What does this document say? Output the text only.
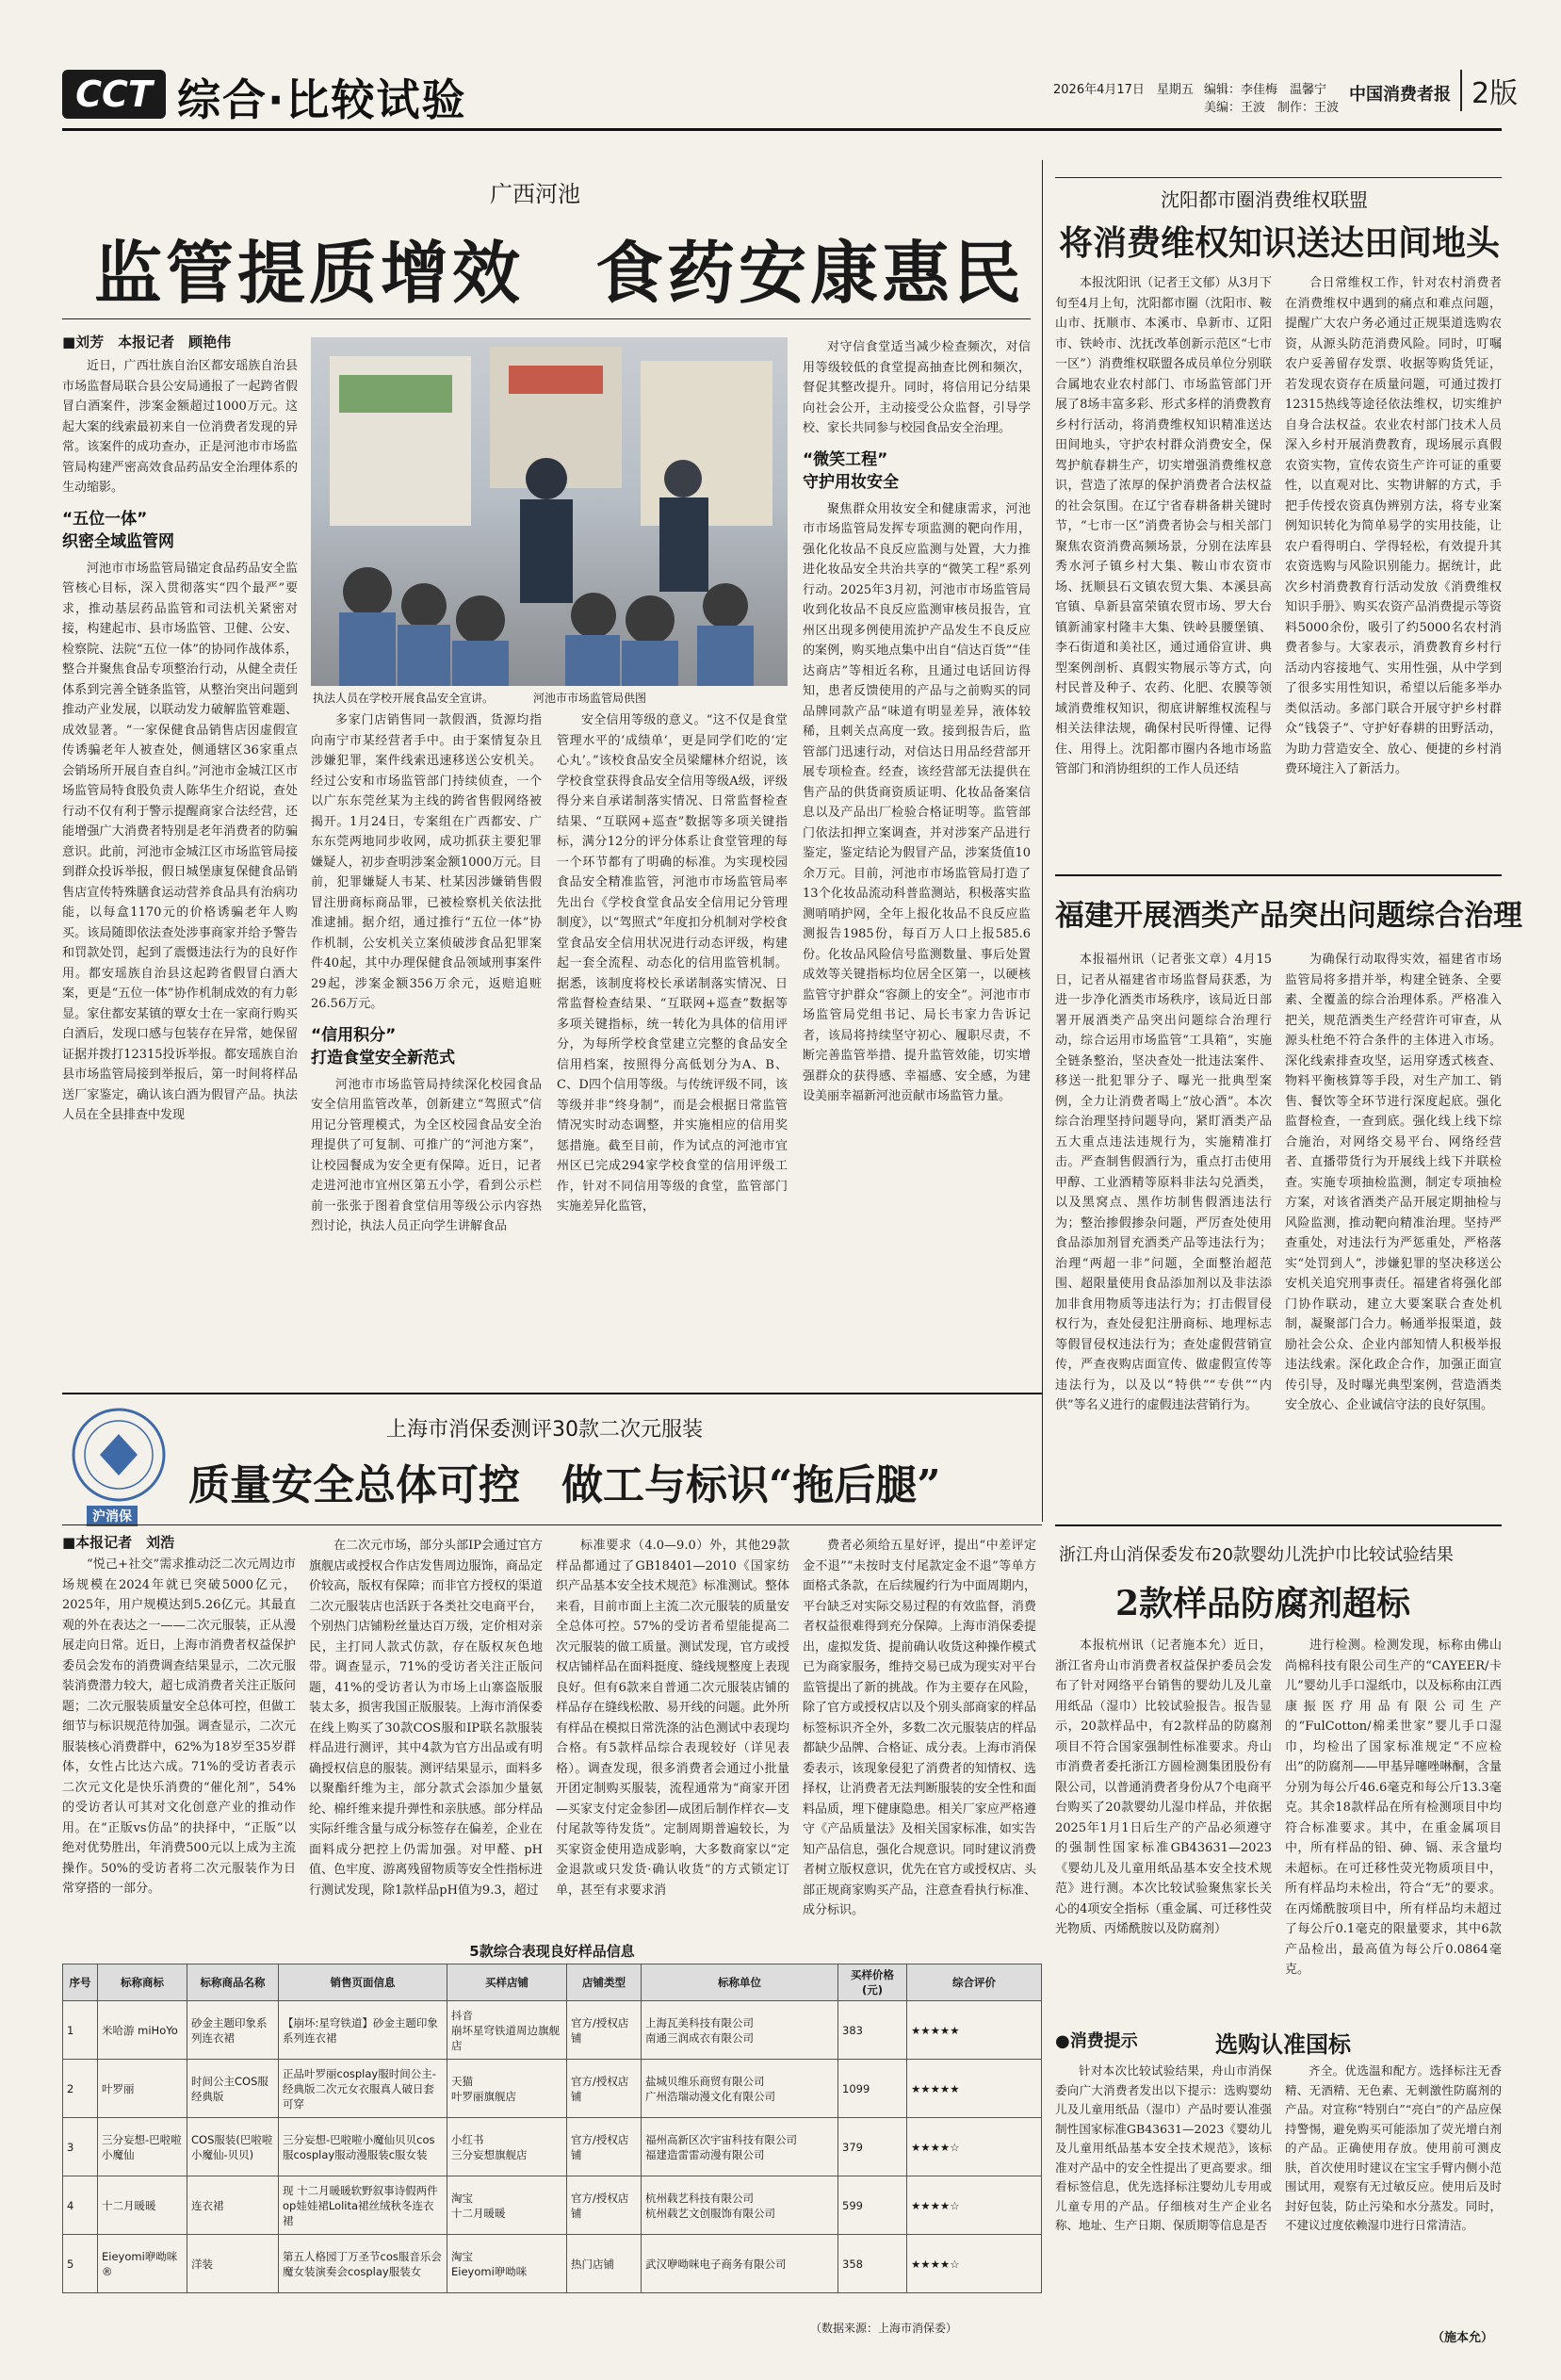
CCT 综合·比较试验	2026年4月17日　星期五 编辑：李佳梅　温馨宁
美编：王波　制作：王波
中国消费者报 2版
广西河池
监管提质增效　食药安康惠民
■刘芳　本报记者　顾艳伟

近日，广西壮族自治区都安瑶族自治县市场监督局联合县公安局通报了一起跨省假冒白酒案件，涉案金额超过1000万元。这起大案的线索最初来自一位消费者发现的异常。该案件的成功查办，正是河池市市场监管局构建严密高效食品药品安全治理体系的生动缩影。

“五位一体”
织密全域监管网

河池市市场监管局锚定食品药品安全监管核心目标，深入贯彻落实“四个最严”要求，推动基层药品监管和司法机关紧密对接，构建起市、县市场监管、卫健、公安、检察院、法院“五位一体”的协同作战体系，整合并聚焦食品专项整治行动，从健全责任体系到完善全链条监管，从整治突出问题到推动产业发展，以联动发力破解监管难题、成效显著。“一家保健食品销售店因虚假宣传诱骗老年人被查处，侧通辖区36家重点会销场所开展自查自纠。”河池市金城江区市场监管局特食股负责人陈华生介绍说，查处行动不仅有利于警示提醒商家合法经营，还能增强广大消费者特别是老年消费者的防骗意识。此前，河池市金城江区市场监管局接到群众投诉举报，假日城堡康复保健食品销售店宣传特殊膳食运动营养食品具有治病功能，以每盒1170元的价格诱骗老年人购买。该局随即依法查处涉事商家并给予警告和罚款处罚，起到了震慑违法行为的良好作用。都安瑶族自治县这起跨省假冒白酒大案，更是“五位一体”协作机制成效的有力彰显。家住都安某镇的覃女士在一家商行购买白酒后，发现口感与包装存在异常，她保留证据并拨打12315投诉举报。都安瑶族自治县市场监管局接到举报后，第一时间将样品送厂家鉴定，确认该白酒为假冒产品。执法人员在全县排查中发现

执法人员在学校开展食品安全宣讲。　　　　河池市市场监管局供图

多家门店销售同一款假酒，货源均指向南宁市某经营者手中。由于案情复杂且涉嫌犯罪，案件线索迅速移送公安机关。经过公安和市场监管部门持续侦查，一个以广东东莞丝某为主线的跨省售假网络被揭开。1月24日，专案组在广西都安、广东东莞两地同步收网，成功抓获主要犯罪嫌疑人，初步查明涉案金额1000万元。目前，犯罪嫌疑人韦某、杜某因涉嫌销售假冒注册商标商品罪，已被检察机关依法批准逮捕。据介绍，通过推行“五位一体”协作机制，公安机关立案侦破涉食品犯罪案件40起，其中办理保健食品领域刑事案件29起，涉案金额356万余元，返赔追赃26.56万元。

“信用积分”
打造食堂安全新范式

河池市市场监管局持续深化校园食品安全信用监管改革，创新建立“驾照式”信用记分管理模式，为全区校园食品安全治理提供了可复制、可推广的“河池方案”，让校园餐成为安全更有保障。近日，记者走进河池市宜州区第五小学，看到公示栏前一张张于图着食堂信用等级公示内容热烈讨论，执法人员正向学生讲解食品

安全信用等级的意义。“这不仅是食堂管理水平的‘成绩单’，更是同学们吃的‘定心丸’。”该校食品安全员梁耀林介绍说，该学校食堂获得食品安全信用等级A级，评级得分来自承诺制落实情况、日常监督检查结果、“互联网+巡查”数据等多项关键指标，满分12分的评分体系让食堂管理的每一个环节都有了明确的标准。为实现校园食品安全精准监管，河池市市场监管局率先出台《学校食堂食品安全信用记分管理制度》，以“驾照式”年度扣分机制对学校食堂食品安全信用状况进行动态评级，构建起一套全流程、动态化的信用监管机制。据悉，该制度将校长承诺制落实情况、日常监督检查结果、“互联网+巡查”数据等多项关键指标，统一转化为具体的信用评分，为每所学校食堂建立完整的食品安全信用档案，按照得分高低划分为A、B、C、D四个信用等级。与传统评级不同，该等级并非“终身制”，而是会根据日常监管情况实时动态调整，并实施相应的信用奖惩措施。截至目前，作为试点的河池市宜州区已完成294家学校食堂的信用评级工作，针对不同信用等级的食堂，监管部门实施差异化监管，

对守信食堂适当减少检查频次，对信用等级较低的食堂提高抽查比例和频次，督促其整改提升。同时，将信用记分结果向社会公开，主动接受公众监督，引导学校、家长共同参与校园食品安全治理。

“微笑工程”
守护用妆安全

聚焦群众用妆安全和健康需求，河池市市场监管局发挥专项监测的靶向作用，强化化妆品不良反应监测与处置，大力推进化妆品安全共治共享的“微笑工程”系列行动。2025年3月初，河池市市场监管局收到化妆品不良反应监测审核员报告，宜州区出现多例使用流护产品发生不良反应的案例，购买地点集中出自“信达百货”“佳达商店”等相近名称，且通过电话回访得知，患者反馈使用的产品与之前购买的同品牌同款产品“味道有明显差异，液体较稀，且刺关点高度一致。接到报告后，监管部门迅速行动，对信达日用品经营部开展专项检查。经查，该经营部无法提供在售产品的供货商资质证明、化妆品备案信息以及产品出厂检验合格证明等。监管部门依法扣押立案调查，并对涉案产品进行鉴定，鉴定结论为假冒产品，涉案货值10余万元。目前，河池市市场监管局打造了13个化妆品流动科普监测站，积极落实监测哨哨护网，全年上报化妆品不良反应监测报告1985份，每百万人口上报585.6份。化妆品风险信号监测数量、事后处置成效等关键指标均位居全区第一，以硬核监管守护群众“容颜上的安全”。河池市市场监管局党组书记、局长韦家力告诉记者，该局将持续坚守初心、履职尽责，不断完善监管举措、提升监管效能，切实增强群众的获得感、幸福感、安全感，为建设美丽幸福新河池贡献市场监管力量。

沈阳都市圈消费维权联盟
将消费维权知识送达田间地头

本报沈阳讯（记者王文郁）从3月下旬至4月上旬，沈阳都市圈（沈阳市、鞍山市、抚顺市、本溪市、阜新市、辽阳市、铁岭市、沈抚改革创新示范区“七市一区”）消费维权联盟各成员单位分别联合属地农业农村部门、市场监管部门开展了8场丰富多彩、形式多样的消费教育乡村行活动，将消费维权知识精准送达田间地头，守护农村群众消费安全，保驾护航春耕生产，切实增强消费维权意识，营造了浓厚的保护消费者合法权益的社会氛围。在辽宁省春耕备耕关键时节，“七市一区”消费者协会与相关部门聚焦农资消费高频场景，分别在法库县秀水河子镇乡村大集、鞍山市农资市场、抚顺县石文镇农贸大集、本溪县高官镇、阜新县富荣镇农贸市场、罗大台镇新浦家村隆丰大集、铁岭县腰堡镇、李石街道和美社区，通过通俗宣讲、典型案例剖析、真假实物展示等方式，向村民普及种子、农药、化肥、农膜等领域消费维权知识，彻底讲解维权流程与相关法律法规，确保村民听得懂、记得住、用得上。沈阳都市圈内各地市场监管部门和消协组织的工作人员还结

合日常维权工作，针对农村消费者在消费维权中遇到的痛点和难点问题，提醒广大农户务必通过正规渠道选购农资，从源头防范消费风险。同时，叮嘱农户妥善留存发票、收据等购货凭证，若发现农资存在质量问题，可通过拨打12315热线等途径依法维权，切实维护自身合法权益。农业农村部门技术人员深入乡村开展消费教育，现场展示真假农资实物，宣传农资生产许可证的重要性，以直观对比、实物讲解的方式，手把手传授农资真伪辨别方法，将专业案例知识转化为简单易学的实用技能，让农户看得明白、学得轻松，有效提升其农资选购与风险识别能力。据统计，此次乡村消费教育行活动发放《消费维权知识手册》、购买农资产品消费提示等资料5000余份，吸引了约5000名农村消费者参与。大家表示，消费教育乡村行活动内容接地气、实用性强，从中学到了很多实用性知识，希望以后能多举办类似活动。多部门联合开展守护乡村群众“钱袋子”、守护好春耕的田野活动，为助力营造安全、放心、便捷的乡村消费环境注入了新活力。

福建开展酒类产品突出问题综合治理

本报福州讯（记者张文章）4月15日，记者从福建省市场监督局获悉，为进一步净化酒类市场秩序，该局近日部署开展酒类产品突出问题综合治理行动，综合运用市场监管“工具箱”，实施全链条整治，坚决查处一批违法案件、移送一批犯罪分子、曝光一批典型案例，全力让消费者喝上“放心酒”。本次综合治理坚持问题导向，紧盯酒类产品五大重点违法违规行为，实施精准打击。严查制售假酒行为，重点打击使用甲醇、工业酒精等原料非法勾兑酒类，以及黑窝点、黑作坊制售假酒违法行为；整治掺假掺杂问题，严厉查处使用食品添加剂冒充酒类产品等违法行为；治理“两超一非”问题，全面整治超范围、超限量使用食品添加剂以及非法添加非食用物质等违法行为；打击假冒侵权行为，查处侵犯注册商标、地理标志等假冒侵权违法行为；查处虚假营销宣传，严查夜购店面宣传、做虚假宣传等违法行为，以及以“特供”“专供”“内供”等名义进行的虚假违法营销行为。

为确保行动取得实效，福建省市场监管局将多措并举，构建全链条、全要素、全覆盖的综合治理体系。严格准入把关，规范酒类生产经营许可审查，从源头杜绝不符合条件的主体进入市场。深化线索排查攻坚，运用穿透式核查、物料平衡核算等手段，对生产加工、销售、餐饮等全环节进行深度起底。强化监督检查，一查到底。强化线上线下综合施治，对网络交易平台、网络经营者、直播带货行为开展线上线下并联检查。实施专项抽检监测，制定专项抽检方案，对该省酒类产品开展定期抽检与风险监测，推动靶向精准治理。坚持严查重处，对违法行为严惩重处，严格落实“处罚到人”，涉嫌犯罪的坚决移送公安机关追究刑事责任。福建省将强化部门协作联动，建立大要案联合查处机制，凝聚部门合力。畅通举报渠道，鼓励社会公众、企业内部知情人积极举报违法线索。深化政企合作，加强正面宣传引导，及时曝光典型案例，营造酒类安全放心、企业诚信守法的良好氛围。

沪消保
上海市消保委测评30款二次元服装
质量安全总体可控　做工与标识“拖后腿”
■本报记者　刘浩

“悦己+社交”需求推动泛二次元周边市场规模在2024年就已突破5000亿元，2025年，用户规模达到5.26亿元。其最直观的外在表达之一——二次元服装，正从漫展走向日常。近日，上海市消费者权益保护委员会发布的消费调查结果显示，二次元服装消费潜力较大，超七成消费者关注正版问题；二次元服装质量安全总体可控，但做工细节与标识规范待加强。调查显示，二次元服装核心消费群中，62%为18岁至35岁群体，女性占比达六成。71%的受访者表示二次元文化是快乐消费的“催化剂”，54%的受访者认可其对文化创意产业的推动作用。在“正版vs仿品”的抉择中，“正版”以绝对优势胜出，年消费500元以上成为主流操作。50%的受访者将二次元服装作为日常穿搭的一部分。

在二次元市场，部分头部IP会通过官方旗舰店或授权合作店发售周边服饰，商品定价较高，版权有保障；而非官方授权的渠道二次元服装店也活跃于各类社交电商平台，个别热门店铺粉丝量达百万级，定价相对亲民，主打同人款式仿款，存在版权灰色地带。调查显示，71%的受访者关注正版问题，41%的受访者认为市场上山寨盗版服装太多，损害我国正版服装。上海市消保委在线上购买了30款COS服和IP联名款服装样品进行测评，其中4款为官方出品或有明确授权信息的服装。测评结果显示，面料多以聚酯纤维为主，部分款式会添加少量氨纶、棉纤维来提升弹性和亲肤感。部分样品实际纤维含量与成分标签存在偏差，企业在面料成分把控上仍需加强。对甲醛、pH值、色牢度、游离残留物质等安全性指标进行测试发现，除1款样品pH值为9.3，超过

标准要求（4.0—9.0）外，其他29款样品都通过了GB18401—2010《国家纺织产品基本安全技术规范》标准测试。整体来看，目前市面上主流二次元服装的质量安全总体可控。57%的受访者希望能提高二次元服装的做工质量。测试发现，官方或授权店铺样品在面料挺度、缝线规整度上表现良好。但有6款来自普通二次元服装店铺的样品存在缝线松散、易开线的问题。此外所有样品在模拟日常洗涤的沾色测试中表现均合格。有5款样品综合表现较好（详见表格）。调查发现，很多消费者会通过小批量开团定制购买服装，流程通常为“商家开团—买家支付定金参团—成团后制作样衣—支付尾款等待发货”。定制周期普遍较长，为买家资金使用造成影响，大多数商家以“定金退款或只发货·确认收货”的方式锁定订单，甚至有求要求消

费者必须给五星好评，提出“中差评定金不退”“未按时支付尾款定金不退”等单方面格式条款，在后续履约行为中面周期内，平台缺乏对实际交易过程的有效监督，消费者权益很难得到充分保障。上海市消保委提出，虚拟发货、提前确认收货这种操作模式已为商家服务，维持交易已成为现实对平台监管提出了新的挑战。作为主要存在风险，除了官方或授权店以及个别头部商家的样品标签标识齐全外，多数二次元服装店的样品都缺少品牌、合格证、成分表。上海市消保委表示，该现象侵犯了消费者的知情权、选择权，让消费者无法判断服装的安全性和面料品质，埋下健康隐患。相关厂家应严格遵守《产品质量法》及相关国家标准，如实告知产品信息，强化合规意识。同时建议消费者树立版权意识，优先在官方或授权店、头部正规商家购买产品，注意查看执行标准、成分标识。

5款综合表现良好样品信息
序号	标称商标	标称商品名称	销售页面信息	买样店铺	店铺类型	标称单位	买样价格(元)	综合评价
1	米哈游 miHoYo	砂金主题印象系列连衣裙	【崩坏:星穹铁道】砂金主题印象系列连衣裙	抖音
崩坏星穹铁道周边旗舰店	官方/授权店铺	上海瓦美科技有限公司
南通三润成衣有限公司	383	★★★★★
2	叶罗丽	时间公主COS服经典版	正品叶罗丽cosplay服时间公主-经典版二次元女衣服真人破日套可穿	天猫
叶罗丽旗舰店	官方/授权店铺	盐城贝维乐商贸有限公司
广州浩瑞动漫文化有限公司	1099	★★★★★
3	三分妄想-巴啦啦小魔仙	COS服装(巴啦啦小魔仙-贝贝)	三分妄想-巴啦啦小魔仙贝贝cos服cosplay服动漫服装c服女装	小红书
三分妄想旗舰店	官方/授权店铺	福州高新区次宇宙科技有限公司
福建造雷雷动漫有限公司	379	★★★★☆
4	十二月暖暖	连衣裙	现 十二月暖暖软野叙事诗假两件op娃娃裙Lolita裙丝绒秋冬连衣裙	淘宝
十二月暖暖	官方/授权店铺	杭州载艺科技有限公司
杭州载艺文创服饰有限公司	599	★★★★☆
5	Eieyomi咿呦咪®	洋装	第五人格园丁万圣节cos服音乐会魔女装演奏会cosplay服装女	淘宝
Eieyomi咿呦咪	热门店铺	武汉咿呦咪电子商务有限公司	358	★★★★☆
（数据来源：上海市消保委）
浙江舟山消保委发布20款婴幼儿洗护巾比较试验结果
2款样品防腐剂超标

本报杭州讯（记者施本允）近日，浙江省舟山市消费者权益保护委员会发布了针对网络平台销售的婴幼儿及儿童用纸品（湿巾）比较试验报告。报告显示，20款样品中，有2款样品的防腐剂项目不符合国家强制性标准要求。舟山市消费者委托浙江方圆检测集团股份有限公司，以普通消费者身份从7个电商平台购买了20款婴幼儿湿巾样品，并依据2025年1月1日后生产的产品必须遵守的强制性国家标准GB43631—2023《婴幼儿及儿童用纸品基本安全技术规范》进行测。本次比较试验聚焦家长关心的4项安全指标（重金属、可迁移性荧光物质、丙烯酰胺以及防腐剂）

进行检测。检测发现，标称由佛山尚棉科技有限公司生产的“CAYEER/卡儿”婴幼儿手口湿纸巾，以及标称由江西康振医疗用品有限公司生产的“FulCotton/棉柔世家”婴儿手口湿巾，均检出了国家标准规定“不应检出”的防腐剂——甲基异噻唑啉酮，含量分别为每公斤46.6毫克和每公斤13.3毫克。其余18款样品在所有检测项目中均符合标准要求。其中，在重金属项目中，所有样品的铅、砷、镉、汞含量均未超标。在可迁移性荧光物质项目中，所有样品均未检出，符合“无”的要求。在丙烯酰胺项目中，所有样品均未超过了每公斤0.1毫克的限量要求，其中6款产品检出，最高值为每公斤0.0864毫克。

●消费提示	选购认准国标

针对本次比较试验结果，舟山市消保委向广大消费者发出以下提示：选购婴幼儿及儿童用纸品（湿巾）产品时要认准强制性国家标准GB43631—2023《婴幼儿及儿童用纸品基本安全技术规范》，该标准对产品中的安全性提出了更高要求。细看标签信息，优先选择标注婴幼儿专用或儿童专用的产品。仔细核对生产企业名称、地址、生产日期、保质期等信息是否

齐全。优选温和配方。选择标注无香精、无酒精、无色素、无刺激性防腐剂的产品。对宣称“特别白”“亮白”的产品应保持警惕，避免购买可能添加了荧光增白剂的产品。正确使用存放。使用前可测皮肤，首次使用时建议在宝宝手臂内侧小范围试用，观察有无过敏反应。使用后及时封好包装，防止污染和水分蒸发。同时，不建议过度依赖湿巾进行日常清洁。

（施本允）
